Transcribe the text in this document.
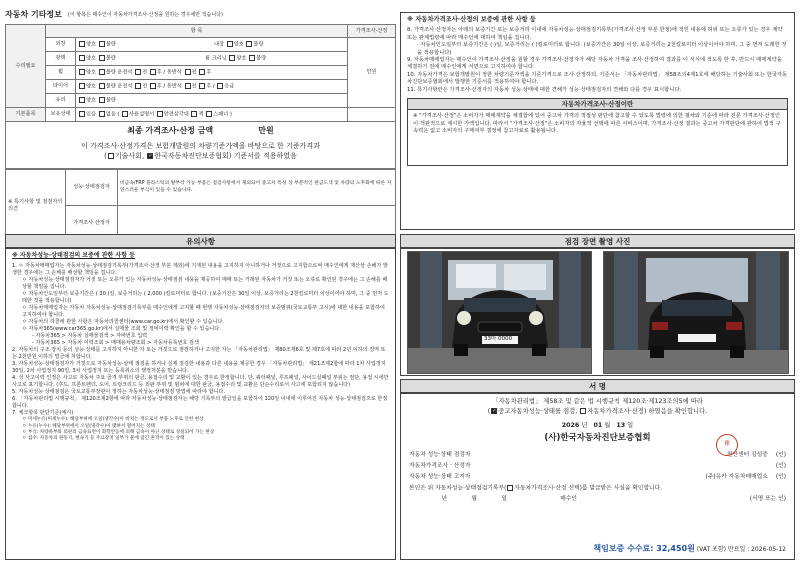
자동차 기타정보 (이 항목은 매수인이 자동차가격조사·산정을 원하는 경우에만 적습니다)
수리필요	항 목		가격조사·산정
	외장	양호 불량 내장 양호 불량	만원
	광택	양호 불량 룸 크리닝 양호 불량	
	휠	양호 불량 운전석 전 후 / 동반석 전 후	
	타이어	양호 불량 운전석 전 후 / 동반석 전 후 / 응급	
	유리	양호 불량	
기본품목	보유상태	있음 없음 ( 사용설명서 안전삼각대 잭 스패너 )	
최종 가격조사·산정 금액	만원
이 가격조사·산정가격은 보험개발원의 차량기준가액을 바탕으로 한 기준가격과
( 기술사회, ✓ 한국자동차진단보증협회) 기준서를 적용하였음
※ 특기사항 및 점검자의 의견	성능·상태점검자	비금속/FRP 플라스틱의 탈부착 가능 부품은 점검사항에서 제외되어 중고차 특성 상 부분적인 판금도색 및 차량의 노후화에 따른 자연스러운 부식이 있을 수 있습니다.
	가격조사·산정자	
※ 자동차가격조사·산정의 보증에 관한 사항 등
8. 가격조사·산정자는 아래의 보증기간 또는 보증거리 이내에 자동차성능·상태점검기록부(가격조사·산정 부분 한정)에 적힌 내용에 허위 또는 오류가 있는 경우 계약 또는 관계법령에 따라 매수인에 대하여 책임을 집니다.
· 자동차인도일부터 보증기간은 ( )일, 보증거리는 ( )킬로미터로 합니다. (보증기간은 30일 이상, 보증거리는 2천킬로미터 이상이어야 하며, 그 중 먼저 도래한 것을 적용합니다)
9. 자동차매매업자는 매수인이 가격조사·산정을 원할 경우 가격조사·산정자가 해당 자동차 가격을 조사·산정하여 결과를 이 서식에 적도록 한 후, 반드시 매매계약을 체결하기 전에 매수인에게 서면으로 고지하여야 합니다.
10. 자동차가격은 보험개발원이 정한 차량기준가액을 기준가격으로 조사·산정하되, 기준서는 「자동차관리법」 제58조의4제1호에 해당하는 기술사회 또는 한국자동차진단보증협회에서 발행한 기준서를 적용하여야 합니다.
11. 특기사항란은 가격조사·산정자의 자동차 성능·상태에 대한 견해가 성능·상태점검자의 견해와 다를 경우 표시합니다.
자동차가격조사·산정이란
※ "가격조사·산정"은 소비자가 매매계약을 체결함에 있어 중고차 가격의 적절성 판단에 참고할 수 있도록 법령에 의한 절차와 기준에 따라 전문 가격조사·산정인이 객관적으로 제시한 가액입니다. 따라서 "가격조사·산정"은 소비자의 자율적 선택에 따른 서비스이며, 가격조사·산정 결과는 중고차 가격판단에 관하여 법적 구속력은 없고 소비자의 구매여부 결정에 참고자료로 활용됩니다.
유의사항	점검 장면 촬영 사진
※ 자동차성능·상태점검의 보증에 관한 사항 등
1. ㅇ 자동차매매업자는 자동차성능·상태점검기록부(가격조사·산정 부분 제외)에 기재된 내용을 고지하지 아니하거나 거짓으로 고지함으로써 매수인에게 재산상 손해가 발생한 경우에는 그 손해를 배상할 책임을 집니다.
ㅇ 자동차성능·상태점검자가 거짓 또는 오류가 있는 자동차성능·상태점검 내용을 제공하여 매매 또는 거래된 자동차가 거짓 또는 오류로 확인된 경우에는 그 손해를 배상할 책임을 집니다.
ㅇ 자동차인도일부터 보증기간은 ( 30 )일, 보증거리는 ( 2,000 )킬로미터로 합니다. (보증기간은 30일 이상, 보증거리는 2천킬로미터 이상이어야 하며, 그 중 먼저 도래한 것을 적용합니다)
ㅇ 자동차매매업자는 자동차 자동차성능·상태점검기록부를 매수인에게 고지할 때 현행 자동차성능·상태점검자의 보증범위(국토교통부 고시)에 대한 내용을 포함하여 고지하여야 합니다.
ㅇ 자동차의 리콜에 관한 사항은 자동차리콜센터(www.car.go.kr)에서 확인할 수 있습니다.
ㅇ 자동차365(www.car365.go.kr)에서 실매물 조회 및 정비이력 확인을 할 수 있습니다.
- 자동차365 > 자동차 실매물검색 > 자바번호 입력
- 자동차365 > 자동차 이력조회 > 매매용차량조회 > 자동차등록번호 검색
2. 자동차의 구조·장치 등의 성능·상태를 고지하지 아니한 자 또는 거짓으로 점검하거나 고지한 자는 「자동차관리법」 제80조제6호 및 제7호에 따라 2년 이하의 징역 또는 2천만원 이하의 벌금에 처합니다.
3. 자동차성능·상태점검자가 거짓으로 자동차성능·상태 점검을 하거나 실제 점검한 내용과 다른 내용을 제공한 경우 「자동차관리법」 제21조제2항에 따라 1차 사업정지 30일, 2차 사업정지 90일, 3차 사업정지 또는 등록취소의 행정처분을 받습니다.
4. 성 사고이력 인정은 사고로 자동차 주요 골격 부위의 판금, 용접수리 및 교환이 있는 경우로 한정합니다. 단, 쿼터패널, 루프패널, 사이드실패널 부위는 절단, 용접 시에만 사고로 표기합니다. (후드, 프론트펜더, 도어, 트렁크리드 등 외판 부위 및 범퍼에 대한 판금, 용접수리 및 교환은 단순수리로서 사고에 포함되지 않습니다)
5. 자동차성능·상태점검은 국토교통부장관이 정하는 자동차성능·상태점검 방법에 따라야 합니다.
6. 「자동차관리법 시행규칙」 제120조제2항에 따라 자동차성능·상태점검자는 해당 기록부의 발급일을 포함하여 120일 이내에 이루어진 자동차 성능·상태점검으로 한정합니다.
7. 체크항목 판단기준(예시)
ㅇ 미세누유(미세누수): 해당부위에 오일(냉각수)이 비치는 정도로서 부품 노후로 인한 현상
ㅇ 누유(누수): 해당부위에서 오일(냉각수)이 맺혀서 떨어지는 상태
ㅇ 부식: 차량하부와 외판의 금속표면이 화학반응에 의해 금속이 아닌 상태로 상실되어 가는 현상
ㅇ 침수: 자동차의 원동기, 변속기 등 주요장치 일부가 물에 잠긴 흔적이 있는 상태
33마 0000
서 명
「자동차관리법」 제58조 및 같은 법 시행규칙 제120조·제123조의5에 따라
( ✓ 중고자동차성능·상태를 점검, 자동차가격조사·산정) 하였음을 확인합니다.
2026 년 01 월 13 일
(사)한국자동차진단보증협회
印
자동차 성능·상태 점검자	천안센터 김성중	(인)
자동차가격조사 · 산정자	(인)
자동차 성능·상태 고지자	(주)유카 자동차매매업소	(인)
본인은 위 자동차성능·상태점검기록부( 자동차가격조사·산정 선택)를 발급받은 사실을 확인합니다.
년	월	일	매수인	(서명 또는 인)
책임보증 수수료: 32,450원 (VAT 포함) 만료일 : 2026-05-12
